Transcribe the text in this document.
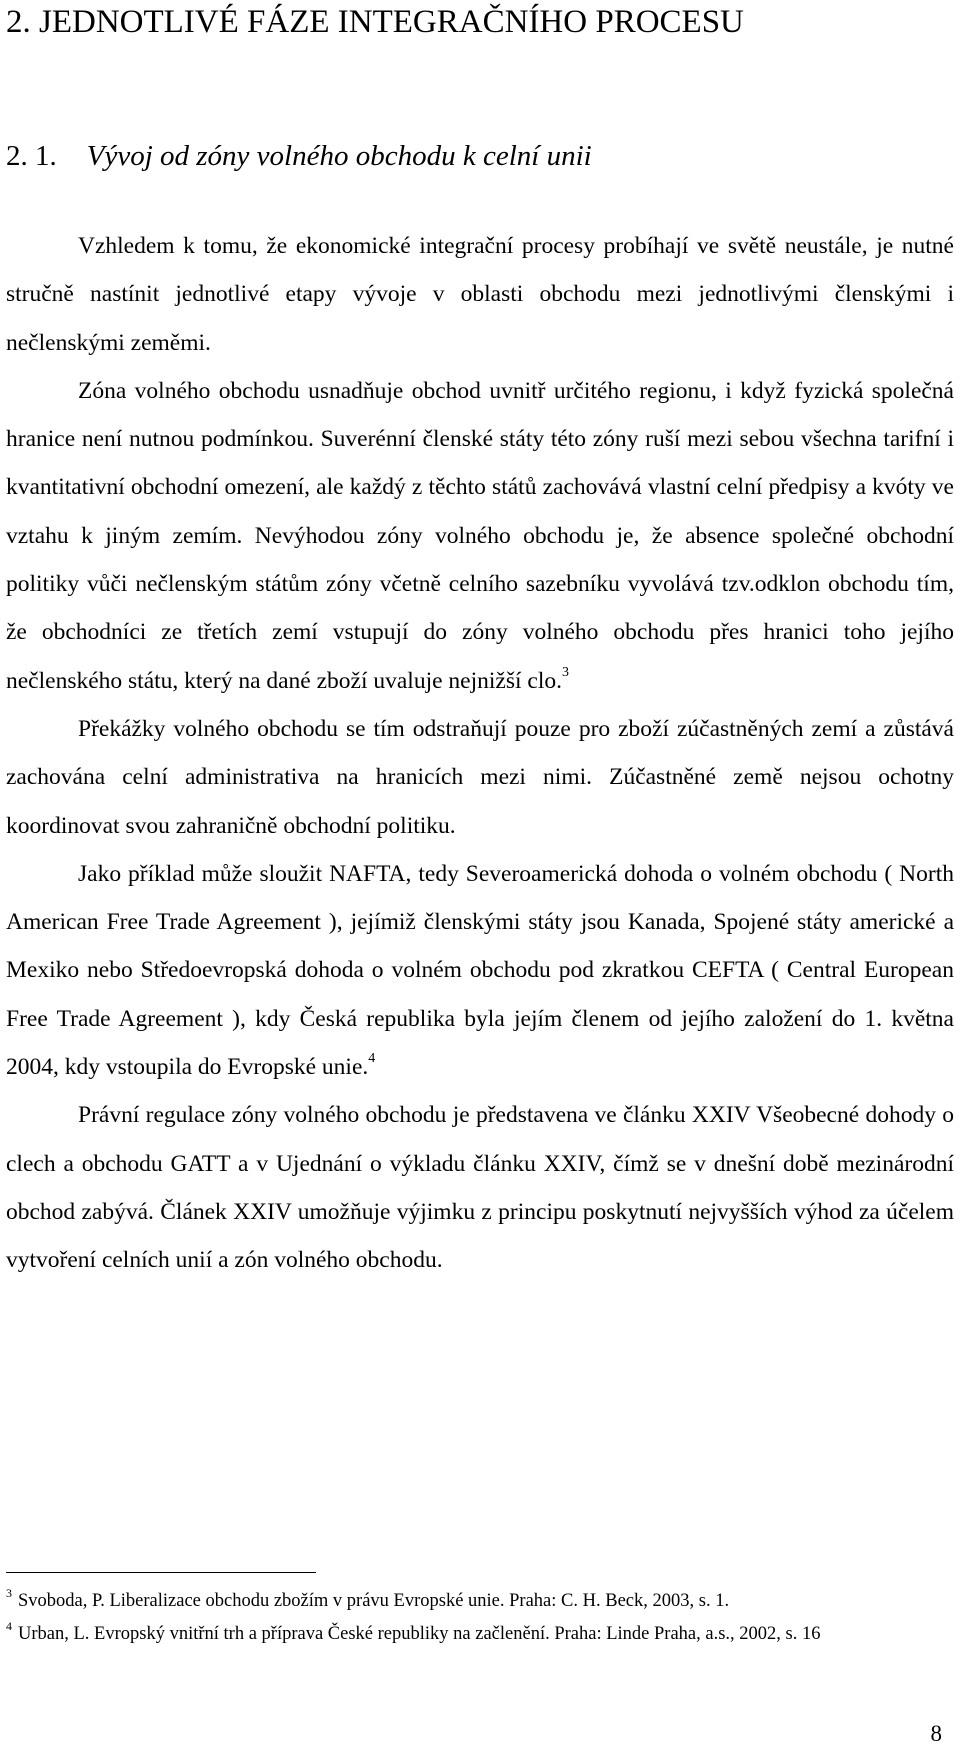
2. JEDNOTLIVÉ FÁZE INTEGRAČNÍHO PROCESU
2. 1. Vývoj od zóny volného obchodu k celní unii

Vzhledem k tomu, že ekonomické integrační procesy probíhají ve světě neustále, je nutné stručně nastínit jednotlivé etapy vývoje v oblasti obchodu mezi jednotlivými členskými i nečlenskými zeměmi.

Zóna volného obchodu usnadňuje obchod uvnitř určitého regionu, i když fyzická společná hranice není nutnou podmínkou. Suverénní členské státy této zóny ruší mezi sebou všechna tarifní i kvantitativní obchodní omezení, ale každý z těchto států zachovává vlastní celní předpisy a kvóty ve vztahu k jiným zemím. Nevýhodou zóny volného obchodu je, že absence společné obchodní politiky vůči nečlenským státům zóny včetně celního sazebníku vyvolává tzv.odklon obchodu tím, že obchodníci ze třetích zemí vstupují do zóny volného obchodu přes hranici toho jejího nečlenského státu, který na dané zboží uvaluje nejnižší clo.$^3$

Překážky volného obchodu se tím odstraňují pouze pro zboží zúčastněných zemí a zůstává zachována celní administrativa na hranicích mezi nimi. Zúčastněné země nejsou ochotny koordinovat svou zahraničně obchodní politiku.

Jako příklad může sloužit NAFTA, tedy Severoamerická dohoda o volném obchodu ( North American Free Trade Agreement ), jejímiž členskými státy jsou Kanada, Spojené státy americké a Mexiko nebo Středoevropská dohoda o volném obchodu pod zkratkou CEFTA ( Central European Free Trade Agreement ), kdy Česká republika byla jejím členem od jejího založení do 1. května 2004, kdy vstoupila do Evropské unie.$^4$

Právní regulace zóny volného obchodu je představena ve článku XXIV Všeobecné dohody o clech a obchodu GATT a v Ujednání o výkladu článku XXIV, čímž se v dnešní době mezinárodní obchod zabývá. Článek XXIV umožňuje výjimku z principu poskytnutí nejvyšších výhod za účelem vytvoření celních unií a zón volného obchodu.

$^3$ Svoboda, P. Liberalizace obchodu zbožím v právu Evropské unie. Praha: C. H. Beck, 2003, s. 1.

$^4$ Urban, L. Evropský vnitřní trh a příprava České republiky na začlenění. Praha: Linde Praha, a.s., 2002, s. 16

8
